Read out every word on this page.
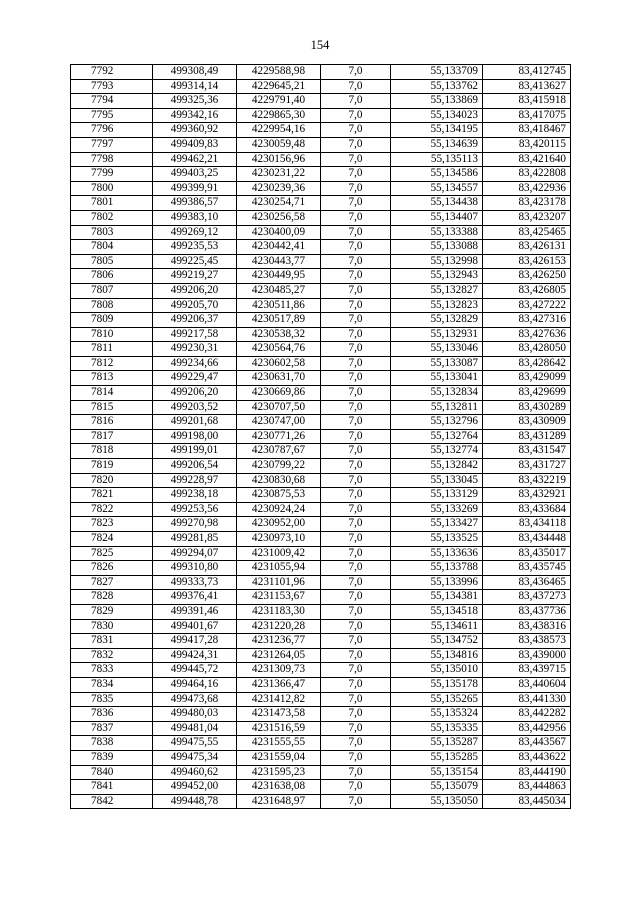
154
7792	499308,49	4229588,98	7,0	55,133709	83,412745
7793	499314,14	4229645,21	7,0	55,133762	83,413627
7794	499325,36	4229791,40	7,0	55,133869	83,415918
7795	499342,16	4229865,30	7,0	55,134023	83,417075
7796	499360,92	4229954,16	7,0	55,134195	83,418467
7797	499409,83	4230059,48	7,0	55,134639	83,420115
7798	499462,21	4230156,96	7,0	55,135113	83,421640
7799	499403,25	4230231,22	7,0	55,134586	83,422808
7800	499399,91	4230239,36	7,0	55,134557	83,422936
7801	499386,57	4230254,71	7,0	55,134438	83,423178
7802	499383,10	4230256,58	7,0	55,134407	83,423207
7803	499269,12	4230400,09	7,0	55,133388	83,425465
7804	499235,53	4230442,41	7,0	55,133088	83,426131
7805	499225,45	4230443,77	7,0	55,132998	83,426153
7806	499219,27	4230449,95	7,0	55,132943	83,426250
7807	499206,20	4230485,27	7,0	55,132827	83,426805
7808	499205,70	4230511,86	7,0	55,132823	83,427222
7809	499206,37	4230517,89	7,0	55,132829	83,427316
7810	499217,58	4230538,32	7,0	55,132931	83,427636
7811	499230,31	4230564,76	7,0	55,133046	83,428050
7812	499234,66	4230602,58	7,0	55,133087	83,428642
7813	499229,47	4230631,70	7,0	55,133041	83,429099
7814	499206,20	4230669,86	7,0	55,132834	83,429699
7815	499203,52	4230707,50	7,0	55,132811	83,430289
7816	499201,68	4230747,00	7,0	55,132796	83,430909
7817	499198,00	4230771,26	7,0	55,132764	83,431289
7818	499199,01	4230787,67	7,0	55,132774	83,431547
7819	499206,54	4230799,22	7,0	55,132842	83,431727
7820	499228,97	4230830,68	7,0	55,133045	83,432219
7821	499238,18	4230875,53	7,0	55,133129	83,432921
7822	499253,56	4230924,24	7,0	55,133269	83,433684
7823	499270,98	4230952,00	7,0	55,133427	83,434118
7824	499281,85	4230973,10	7,0	55,133525	83,434448
7825	499294,07	4231009,42	7,0	55,133636	83,435017
7826	499310,80	4231055,94	7,0	55,133788	83,435745
7827	499333,73	4231101,96	7,0	55,133996	83,436465
7828	499376,41	4231153,67	7,0	55,134381	83,437273
7829	499391,46	4231183,30	7,0	55,134518	83,437736
7830	499401,67	4231220,28	7,0	55,134611	83,438316
7831	499417,28	4231236,77	7,0	55,134752	83,438573
7832	499424,31	4231264,05	7,0	55,134816	83,439000
7833	499445,72	4231309,73	7,0	55,135010	83,439715
7834	499464,16	4231366,47	7,0	55,135178	83,440604
7835	499473,68	4231412,82	7,0	55,135265	83,441330
7836	499480,03	4231473,58	7,0	55,135324	83,442282
7837	499481,04	4231516,59	7,0	55,135335	83,442956
7838	499475,55	4231555,55	7,0	55,135287	83,443567
7839	499475,34	4231559,04	7,0	55,135285	83,443622
7840	499460,62	4231595,23	7,0	55,135154	83,444190
7841	499452,00	4231638,08	7,0	55,135079	83,444863
7842	499448,78	4231648,97	7,0	55,135050	83,445034
